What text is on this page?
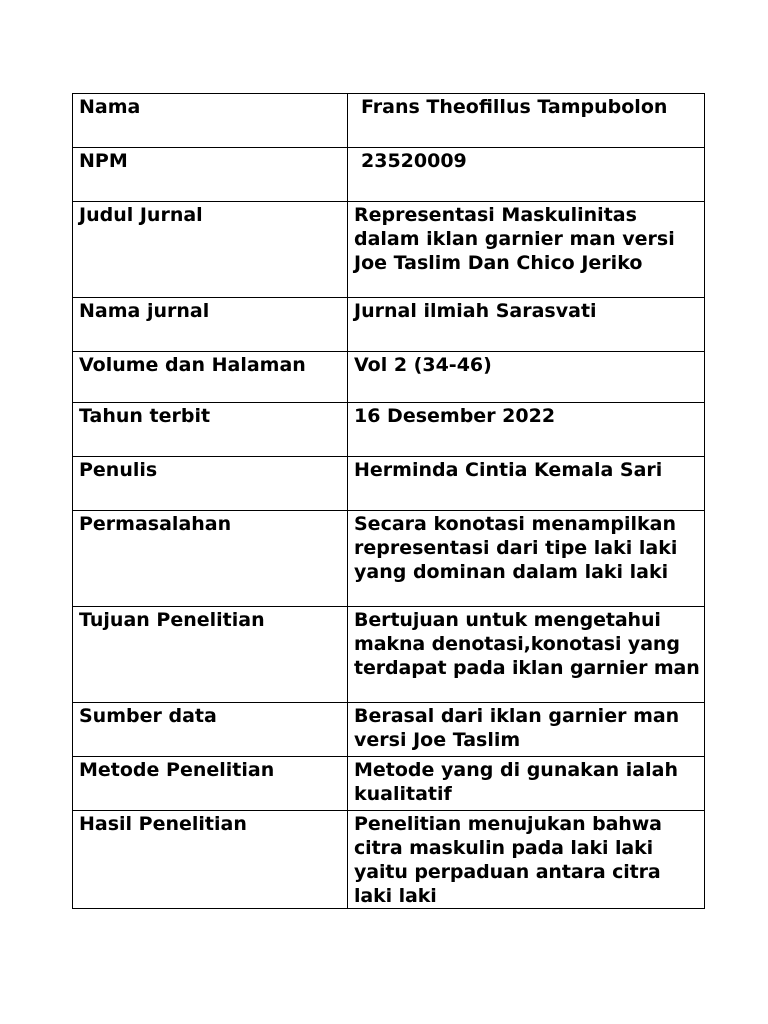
Nama	Frans Theofillus Tampubolon
NPM	23520009
Judul Jurnal	Representasi Maskulinitas dalam iklan garnier man versi Joe Taslim Dan Chico Jeriko
Nama jurnal	Jurnal ilmiah Sarasvati
Volume dan Halaman	Vol 2 (34-46)
Tahun terbit	16 Desember 2022
Penulis	Herminda Cintia Kemala Sari
Permasalahan	Secara konotasi menampilkan representasi dari tipe laki laki yang dominan dalam laki laki
Tujuan Penelitian	Bertujuan untuk mengetahui makna denotasi,konotasi yang terdapat pada iklan garnier man
Sumber data	Berasal dari iklan garnier man versi Joe Taslim
Metode Penelitian	Metode yang di gunakan ialah kualitatif
Hasil Penelitian	Penelitian menujukan bahwa citra maskulin pada laki laki yaitu perpaduan antara citra laki laki
